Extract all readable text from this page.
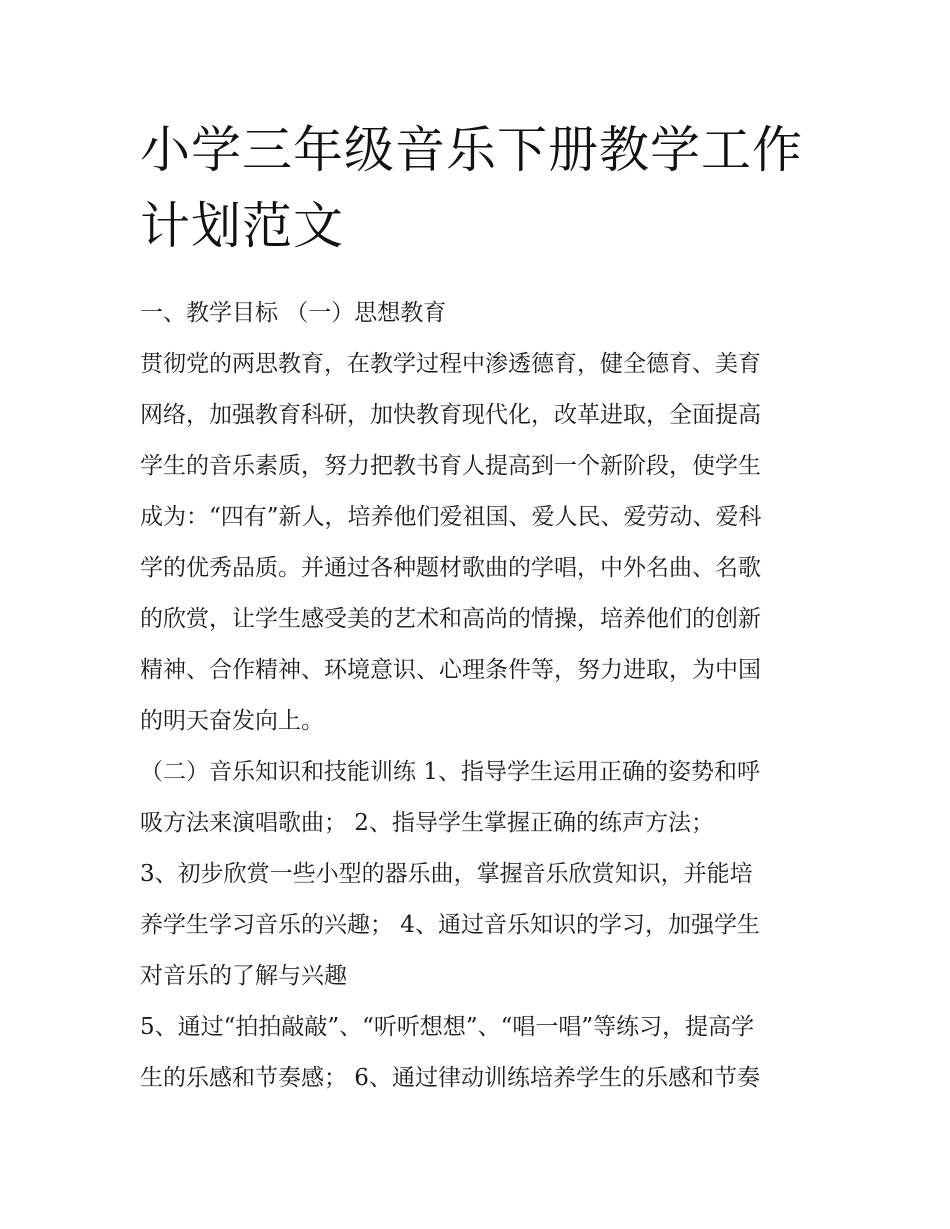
小学三年级音乐下册教学工作
计划范文
一、教学目标 （一）思想教育
贯彻党的两思教育，在教学过程中渗透德育，健全德育、美育
网络，加强教育科研，加快教育现代化，改革进取，全面提高
学生的音乐素质，努力把教书育人提高到一个新阶段，使学生
成为：“四有”新人，培养他们爱祖国、爱人民、爱劳动、爱科
学的优秀品质。并通过各种题材歌曲的学唱，中外名曲、名歌
的欣赏，让学生感受美的艺术和高尚的情操，培养他们的创新
精神、合作精神、环境意识、心理条件等，努力进取，为中国
的明天奋发向上。
（二）音乐知识和技能训练 1、指导学生运用正确的姿势和呼
吸方法来演唱歌曲； 2、指导学生掌握正确的练声方法；
3、初步欣赏一些小型的器乐曲，掌握音乐欣赏知识，并能培
养学生学习音乐的兴趣； 4、通过音乐知识的学习，加强学生
对音乐的了解与兴趣
5、通过“拍拍敲敲”、“听听想想”、“唱一唱”等练习，提高学
生的乐感和节奏感； 6、通过律动训练培养学生的乐感和节奏
